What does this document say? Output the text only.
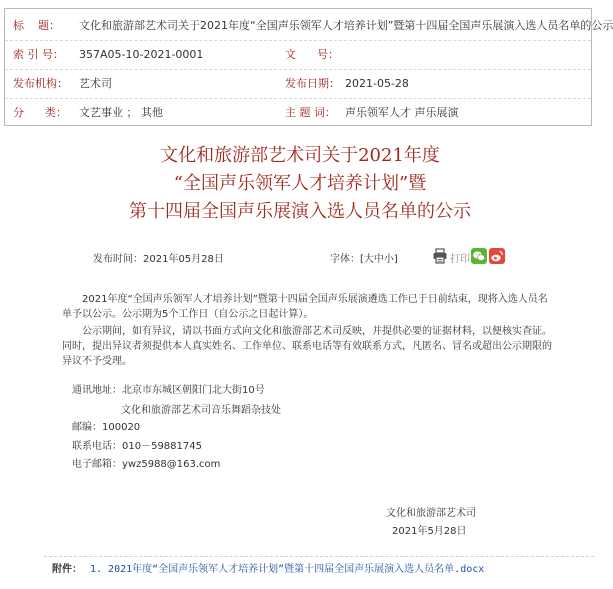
标    题： 文化和旅游部艺术司关于2021年度“全国声乐领军人才培养计划”暨第十四届全国声乐展演入选人员名单的公示
索 引 号： 357A05-10-2021-0001	文      号：
发布机构： 艺术司	发布日期： 2021-05-28
分      类： 文艺事业 ； 其他	主 题 词： 声乐领军人才 声乐展演
文化和旅游部艺术司关于2021年度
“全国声乐领军人才培养计划”暨
第十四届全国声乐展演入选人员名单的公示
发布时间：2021年05月28日	字体：[大中小]	打印

2021年度“全国声乐领军人才培养计划”暨第十四届全国声乐展演遴选工作已于日前结束，现将入选人员名单予以公示。公示期为5个工作日（自公示之日起计算）。

公示期间，如有异议，请以书面方式向文化和旅游部艺术司反映，并提供必要的证据材料，以便核实查证。同时，提出异议者须提供本人真实姓名、工作单位、联系电话等有效联系方式，凡匿名、冒名或超出公示期限的异议不予受理。

通讯地址：北京市东城区朝阳门北大街10号
文化和旅游部艺术司音乐舞蹈杂技处
邮编：100020
联系电话：010－59881745
电子邮箱：ywz5988@163.com
文化和旅游部艺术司
2021年5月28日
附件： 1. 2021年度“全国声乐领军人才培养计划”暨第十四届全国声乐展演入选人员名单.docx
